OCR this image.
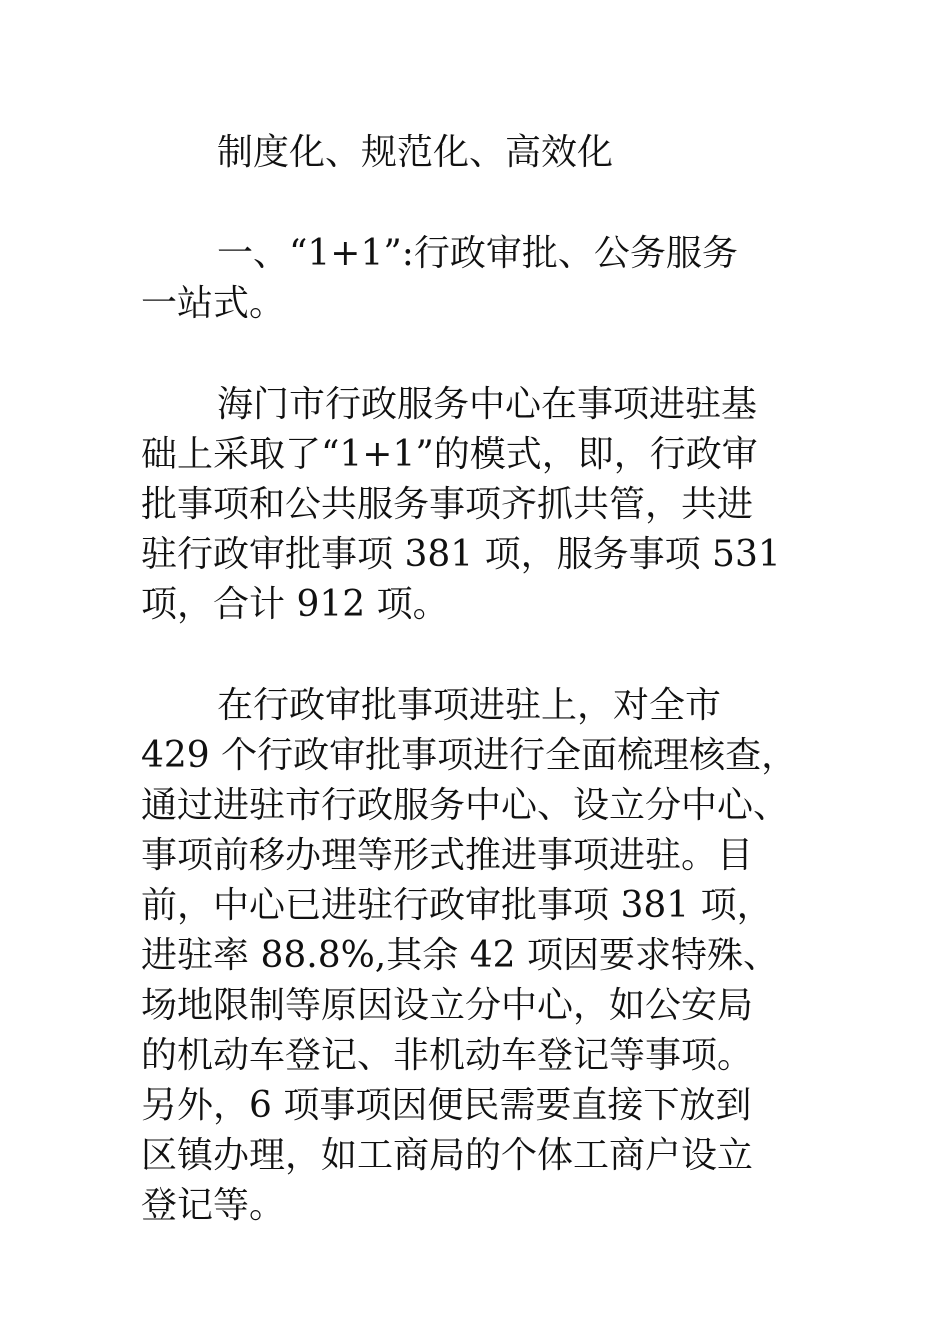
制度化、规范化、高效化
一、“1+1”:行政审批、公务服务
一站式。
海门市行政服务中心在事项进驻基
础上采取了“1+1”的模式，即，行政审
批事项和公共服务事项齐抓共管，共进
驻行政审批事项 381 项，服务事项 531
项，合计 912 项。
在行政审批事项进驻上，对全市
429 个行政审批事项进行全面梳理核查，
通过进驻市行政服务中心、设立分中心、
事项前移办理等形式推进事项进驻。目
前，中心已进驻行政审批事项 381 项，
进驻率 88.8%,其余 42 项因要求特殊、
场地限制等原因设立分中心，如公安局
的机动车登记、非机动车登记等事项。
另外，6 项事项因便民需要直接下放到
区镇办理，如工商局的个体工商户设立
登记等。
